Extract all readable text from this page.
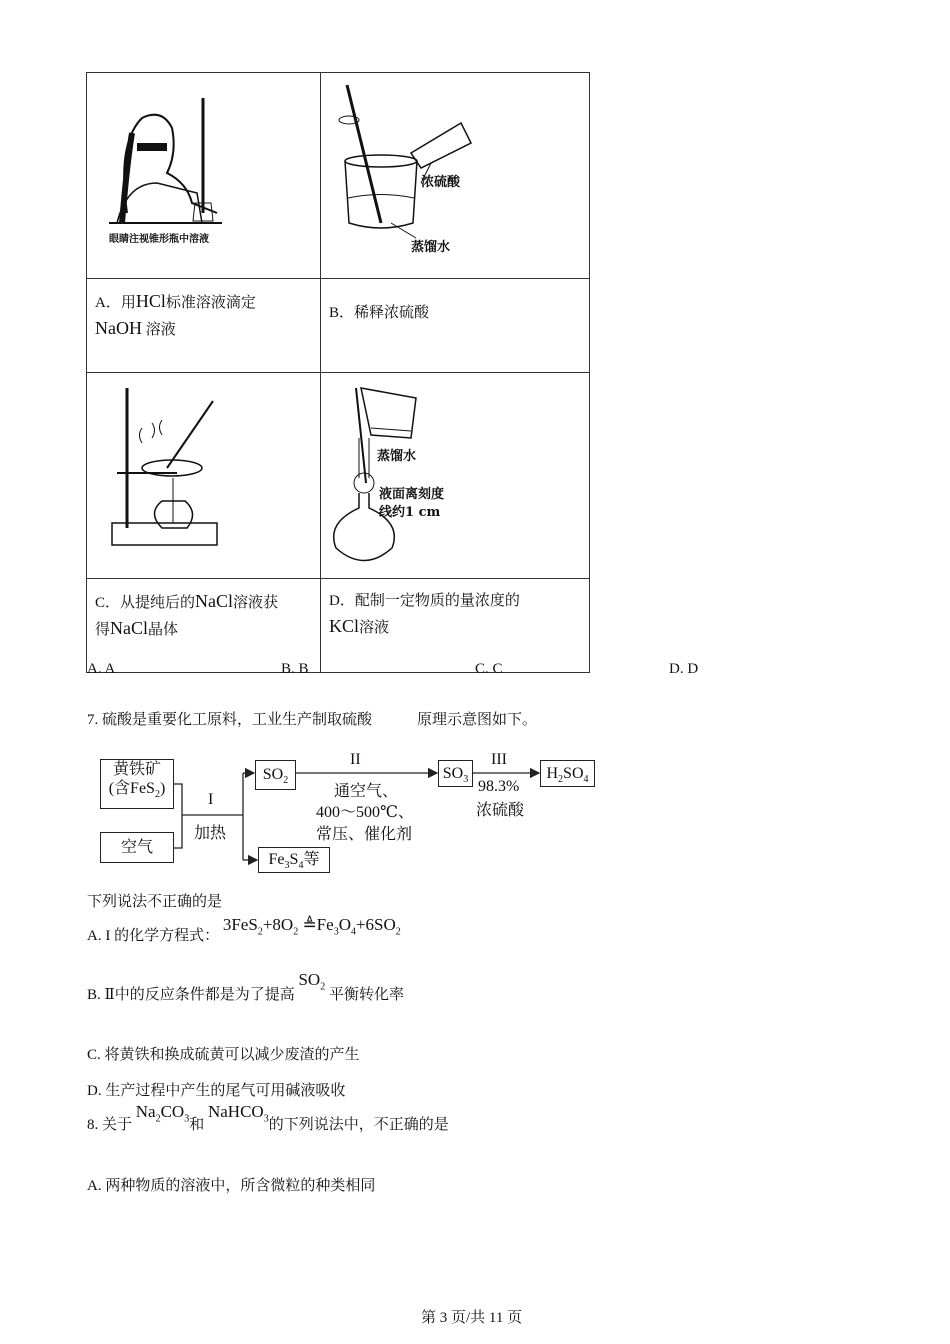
眼睛注视锥形瓶中溶液	浓硫酸
蒸馏水

A．用HCl标准溶液滴定
NaOH 溶液	B．稀释浓硫酸

蒸馏水
液面离刻度
线约1 cm

C．从提纯后的NaCl溶液获
得NaCl晶体	D．配制一定物质的量浓度的
KCl溶液
A. A	B. B	C. C	D. D
7. 硫酸是重要化工原料，工业生产制取硫酸　　　原理示意图如下。
黄铁矿
(含FeS$_2$)
空气
I
加热
$SO_2$
$Fe_3S_4$等
II
通空气、
400～500℃、
常压、催化剂
$SO_3$
III
98.3%
浓硫酸
$H_2SO_4$
下列说法不正确的是
A. I 的化学方程式： $3FeS_2+8O_2$ $≜Fe_3O_4+6SO_2$
B. Ⅱ中的反应条件都是为了提高 $SO_2$ 平衡转化率
C. 将黄铁和换成硫黄可以减少废渣的产生
D. 生产过程中产生的尾气可用碱液吸收
8. 关于 $Na_2CO_3$和 NaHCO$_3$的下列说法中，不正确的是
A. 两种物质的溶液中，所含微粒的种类相同
第 3 页/共 11 页
